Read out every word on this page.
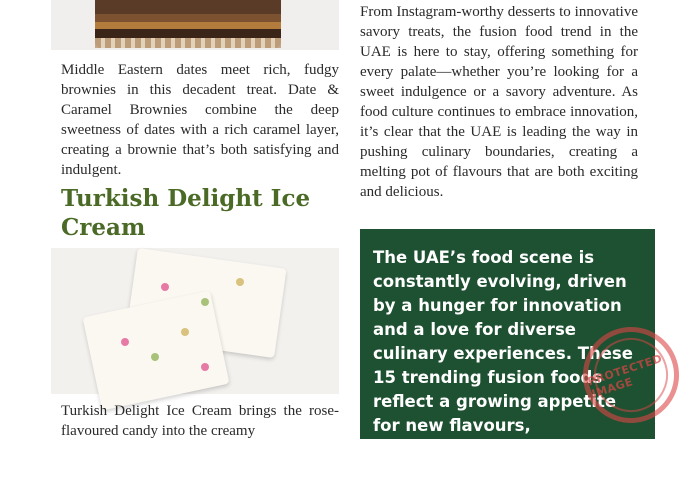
Middle Eastern dates meet rich, fudgy brownies in this decadent treat. Date & Caramel Brownies combine the deep sweetness of dates with a rich caramel layer, creating a brownie that’s both satisfying and indulgent.

Turkish Delight Ice Cream

Turkish Delight Ice Cream brings the rose-flavoured candy into the creamy

From Instagram-worthy desserts to innovative savory treats, the fusion food trend in the UAE is here to stay, offering something for every palate—whether you’re looking for a sweet indulgence or a savory adventure. As food culture continues to embrace innovation, it’s clear that the UAE is leading the way in pushing culinary boundaries, creating a melting pot of flavours that are both exciting and delicious.

The UAE’s food scene is constantly evolving, driven by a hunger for innovation and a love for diverse culinary experiences. These 15 trending fusion foods reflect a growing appetite for new flavours, unexpected combinations, and

PROTECTED IMAGE
